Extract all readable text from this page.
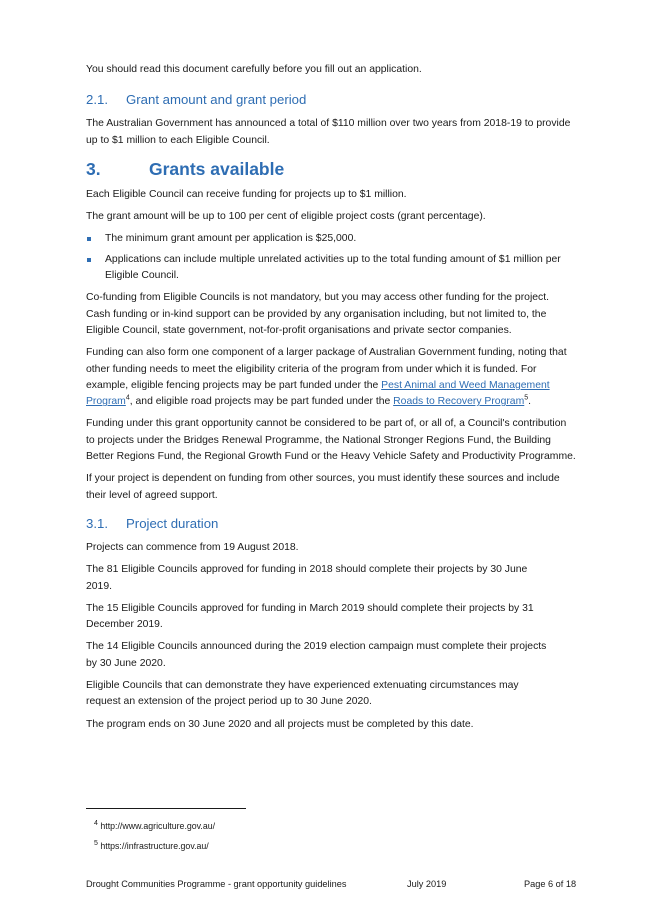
You should read this document carefully before you fill out an application.

2.1.	Grant amount and grant period

The Australian Government has announced a total of $110 million over two years from 2018-19 to provide up to $1 million to each Eligible Council.

3.	Grants available

Each Eligible Council can receive funding for projects up to $1 million.

The grant amount will be up to 100 per cent of eligible project costs (grant percentage).

The minimum grant amount per application is $25,000.
Applications can include multiple unrelated activities up to the total funding amount of $1 million per Eligible Council.

Co-funding from Eligible Councils is not mandatory, but you may access other funding for the project. Cash funding or in-kind support can be provided by any organisation including, but not limited to, the Eligible Council, state government, not-for-profit organisations and private sector companies.

Funding can also form one component of a larger package of Australian Government funding, noting that other funding needs to meet the eligibility criteria of the program from under which it is funded. For example, eligible fencing projects may be part funded under the Pest Animal and Weed Management Program$^4$, and eligible road projects may be part funded under the Roads to Recovery Program$^5$.

Funding under this grant opportunity cannot be considered to be part of, or all of, a Council's contribution to projects under the Bridges Renewal Programme, the National Stronger Regions Fund, the Building Better Regions Fund, the Regional Growth Fund or the Heavy Vehicle Safety and Productivity Programme.

If your project is dependent on funding from other sources, you must identify these sources and include their level of agreed support.

3.1.	Project duration

Projects can commence from 19 August 2018.

The 81 Eligible Councils approved for funding in 2018 should complete their projects by 30 June 2019.

The 15 Eligible Councils approved for funding in March 2019 should complete their projects by 31 December 2019.

The 14 Eligible Councils announced during the 2019 election campaign must complete their projects by 30 June 2020.

Eligible Councils that can demonstrate they have experienced extenuating circumstances may request an extension of the project period up to 30 June 2020.

The program ends on 30 June 2020 and all projects must be completed by this date.

$^4$ http://www.agriculture.gov.au/
$^5$ https://infrastructure.gov.au/
Drought Communities Programme - grant opportunity guidelines	July 2019	Page 6 of 18
